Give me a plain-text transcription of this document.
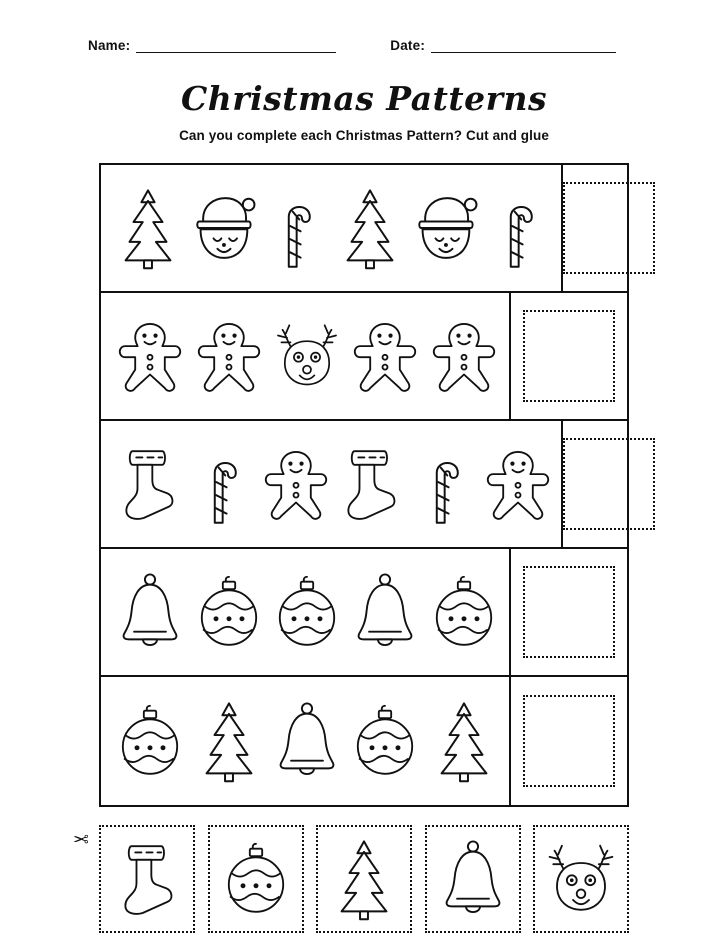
Name:	Date:
Christmas Patterns
Can you complete each Christmas Pattern? Cut and glue
✂
